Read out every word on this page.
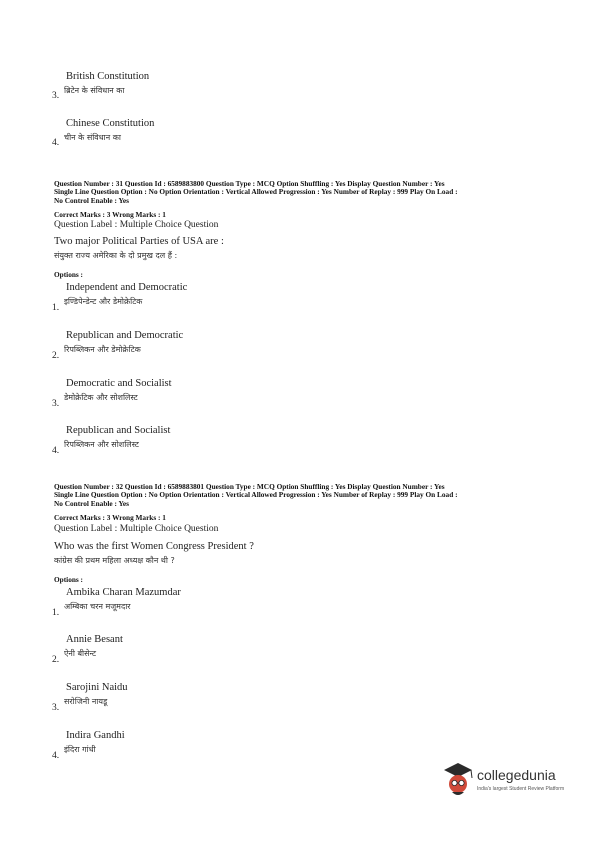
British Constitution
3.
ब्रिटेन के संविधान का
Chinese Constitution
4.
चीन के संविधान का
Question Number : 31 Question Id : 6589883800 Question Type : MCQ Option Shuffling : Yes Display Question Number : Yes
Single Line Question Option : No Option Orientation : Vertical Allowed Progression : Yes Number of Replay : 999 Play On Load :
No Control Enable : Yes
Correct Marks : 3 Wrong Marks : 1
Question Label : Multiple Choice Question
Two major Political Parties of USA are :
संयुक्त राज्य अमेरिका के दो प्रमुख दल हैं :
Options :
Independent and Democratic
इण्डिपेन्डेन्ट और डेमोक्रेटिक
1.
Republican and Democratic
रिपब्लिकन और डेमोक्रेटिक
2.
Democratic and Socialist
डेमोक्रेटिक और सोशलिस्ट
3.
Republican and Socialist
रिपब्लिकन और सोशलिस्ट
4.
Question Number : 32 Question Id : 6589883801 Question Type : MCQ Option Shuffling : Yes Display Question Number : Yes
Single Line Question Option : No Option Orientation : Vertical Allowed Progression : Yes Number of Replay : 999 Play On Load :
No Control Enable : Yes
Correct Marks : 3 Wrong Marks : 1
Question Label : Multiple Choice Question
Who was the first Women Congress President ?
कांग्रेस की प्रथम महिला अध्यक्ष कौन थी ?
Options :
Ambika Charan Mazumdar
अम्बिका चरन मजूमदार
1.
Annie Besant
ऐनी बीसेन्ट
2.
Sarojini Naidu
सरोजिनी नायडू
3.
Indira Gandhi
इंदिरा गांधी
4.
collegedunia
India's largest Student Review Platform
